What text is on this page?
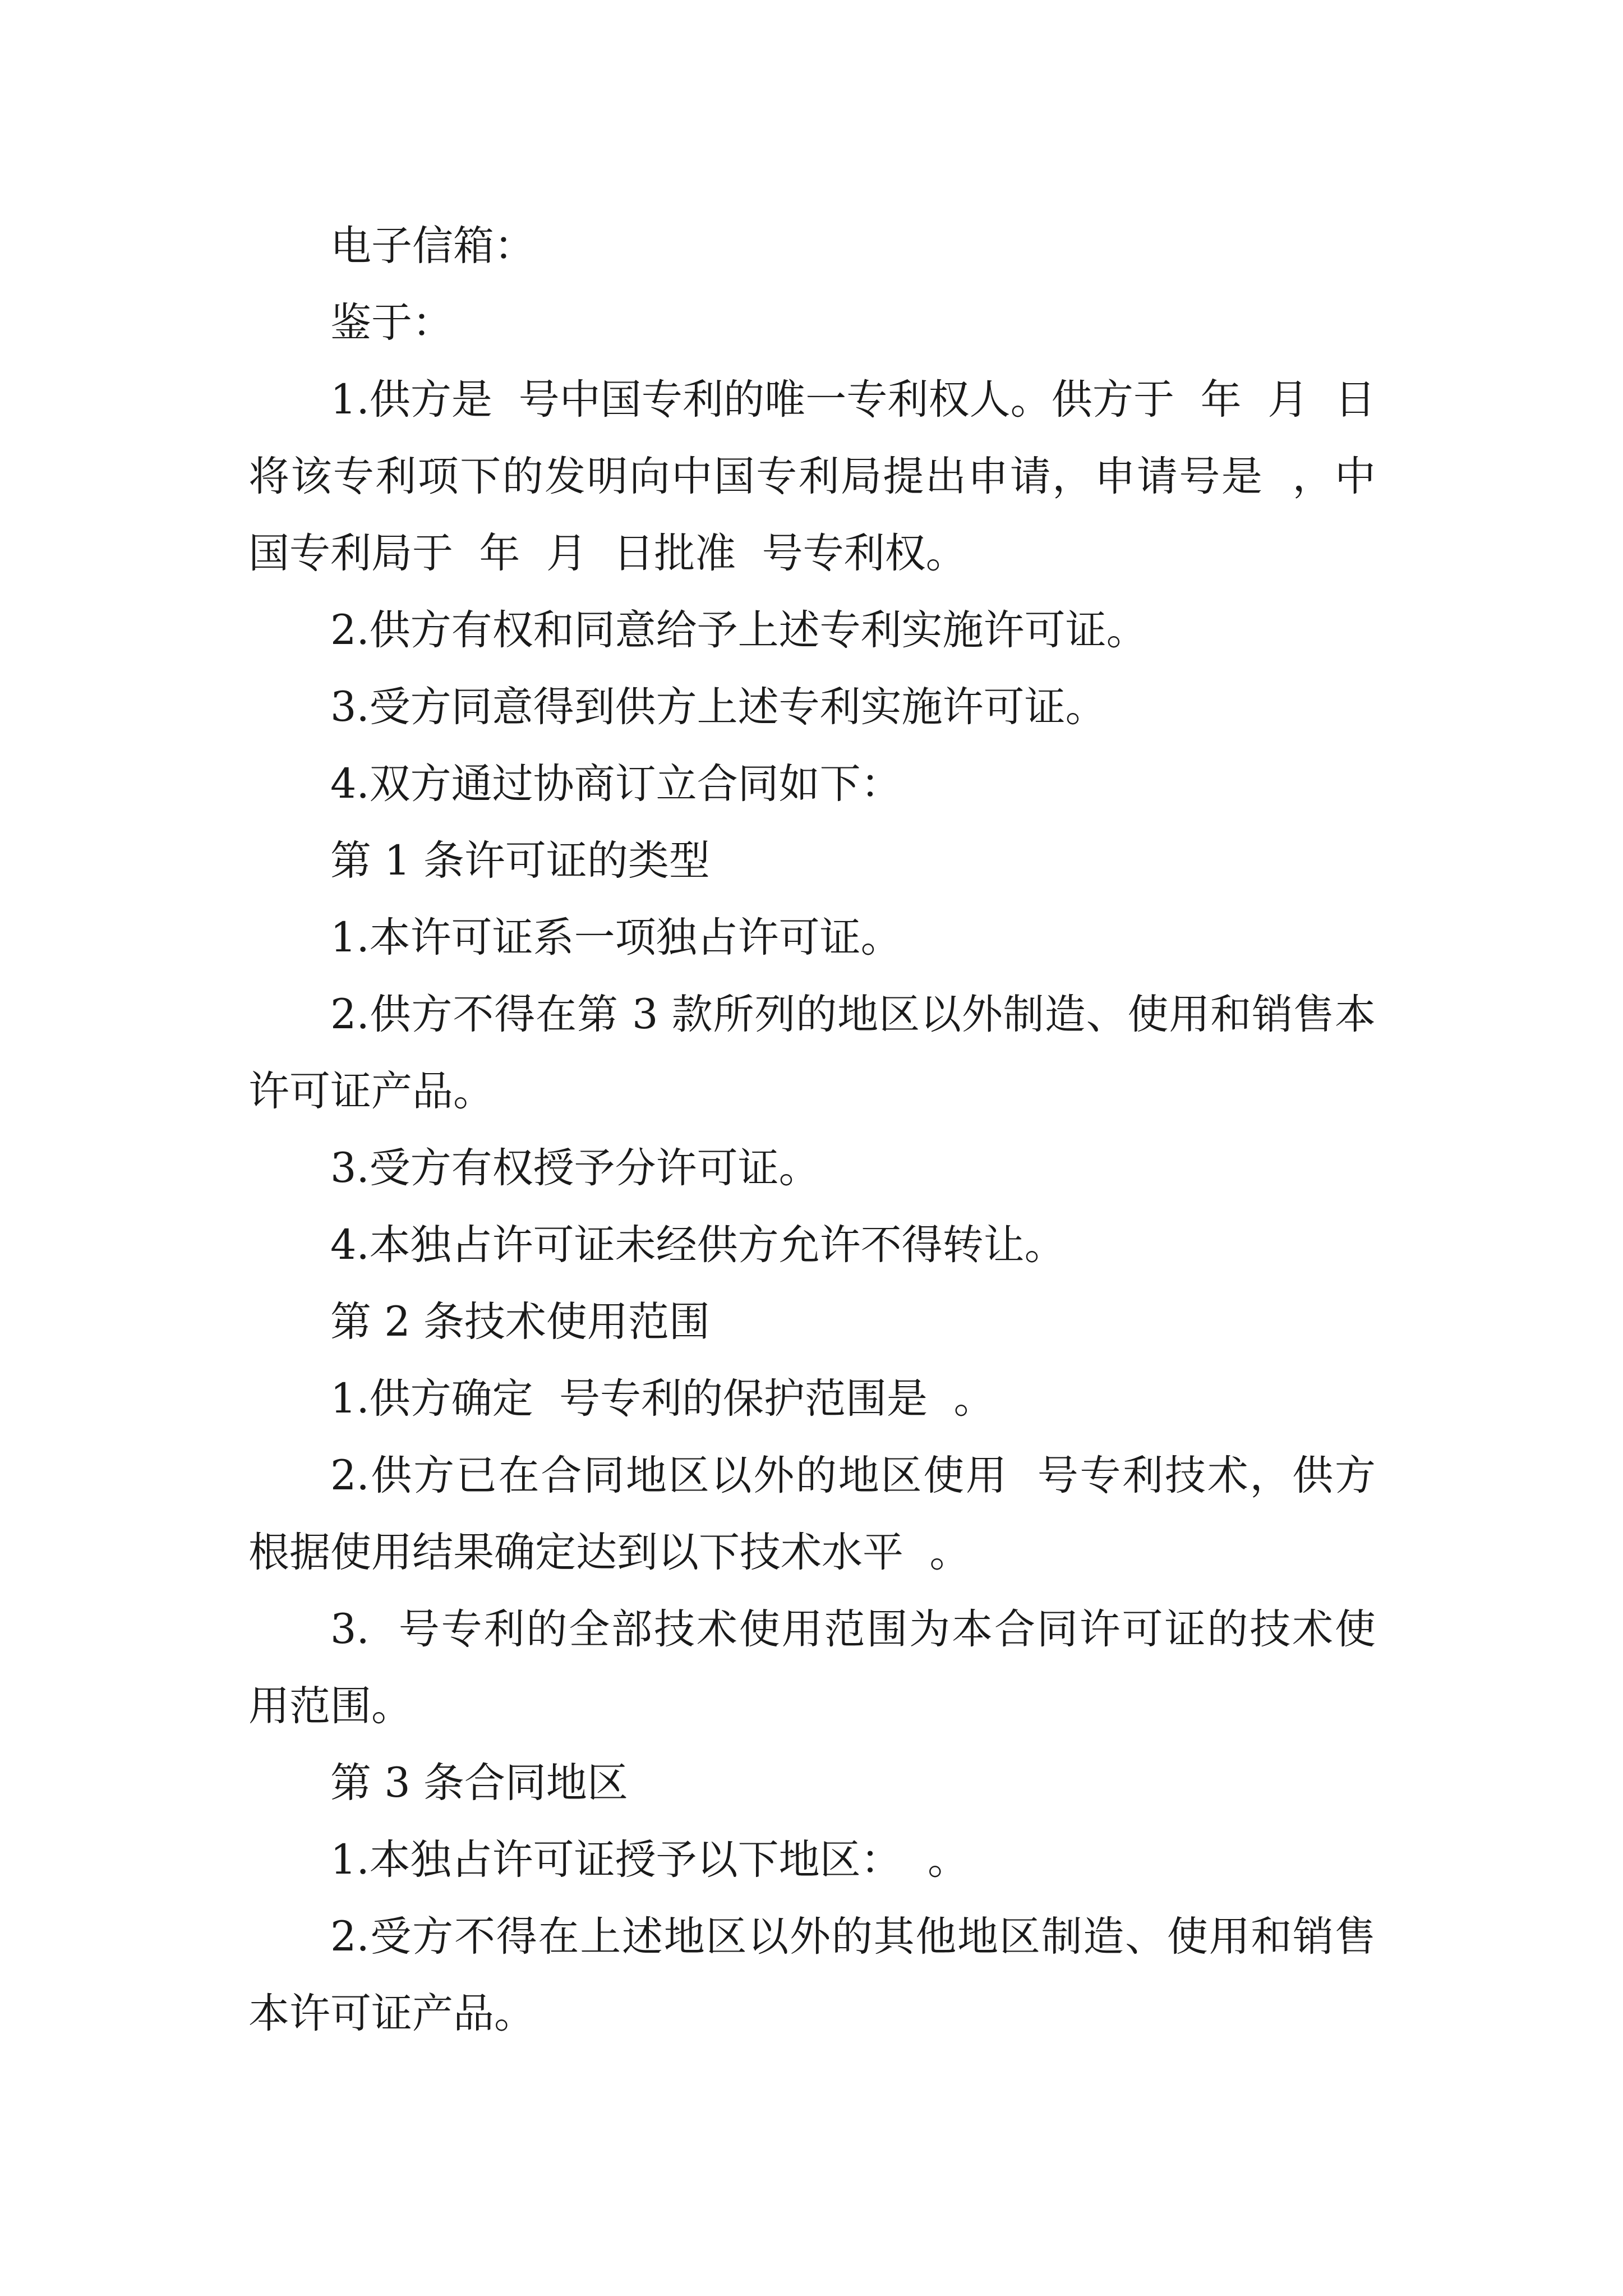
电子信箱：

鉴于：

1.供方是  号中国专利的唯一专利权人。供方于  年  月  日将该专利项下的发明向中国专利局提出申请，申请号是  ，中国专利局于  年  月  日批准  号专利权。

2.供方有权和同意给予上述专利实施许可证。

3.受方同意得到供方上述专利实施许可证。

4.双方通过协商订立合同如下：

第 1 条许可证的类型

1.本许可证系一项独占许可证。

2.供方不得在第 3 款所列的地区以外制造、使用和销售本许可证产品。

3.受方有权授予分许可证。

4.本独占许可证未经供方允许不得转让。

第 2 条技术使用范围

1.供方确定  号专利的保护范围是  。

2.供方已在合同地区以外的地区使用  号专利技术，供方根据使用结果确定达到以下技术水平  。

3.  号专利的全部技术使用范围为本合同许可证的技术使用范围。

第 3 条合同地区

1.本独占许可证授予以下地区：  。

2.受方不得在上述地区以外的其他地区制造、使用和销售本许可证产品。
